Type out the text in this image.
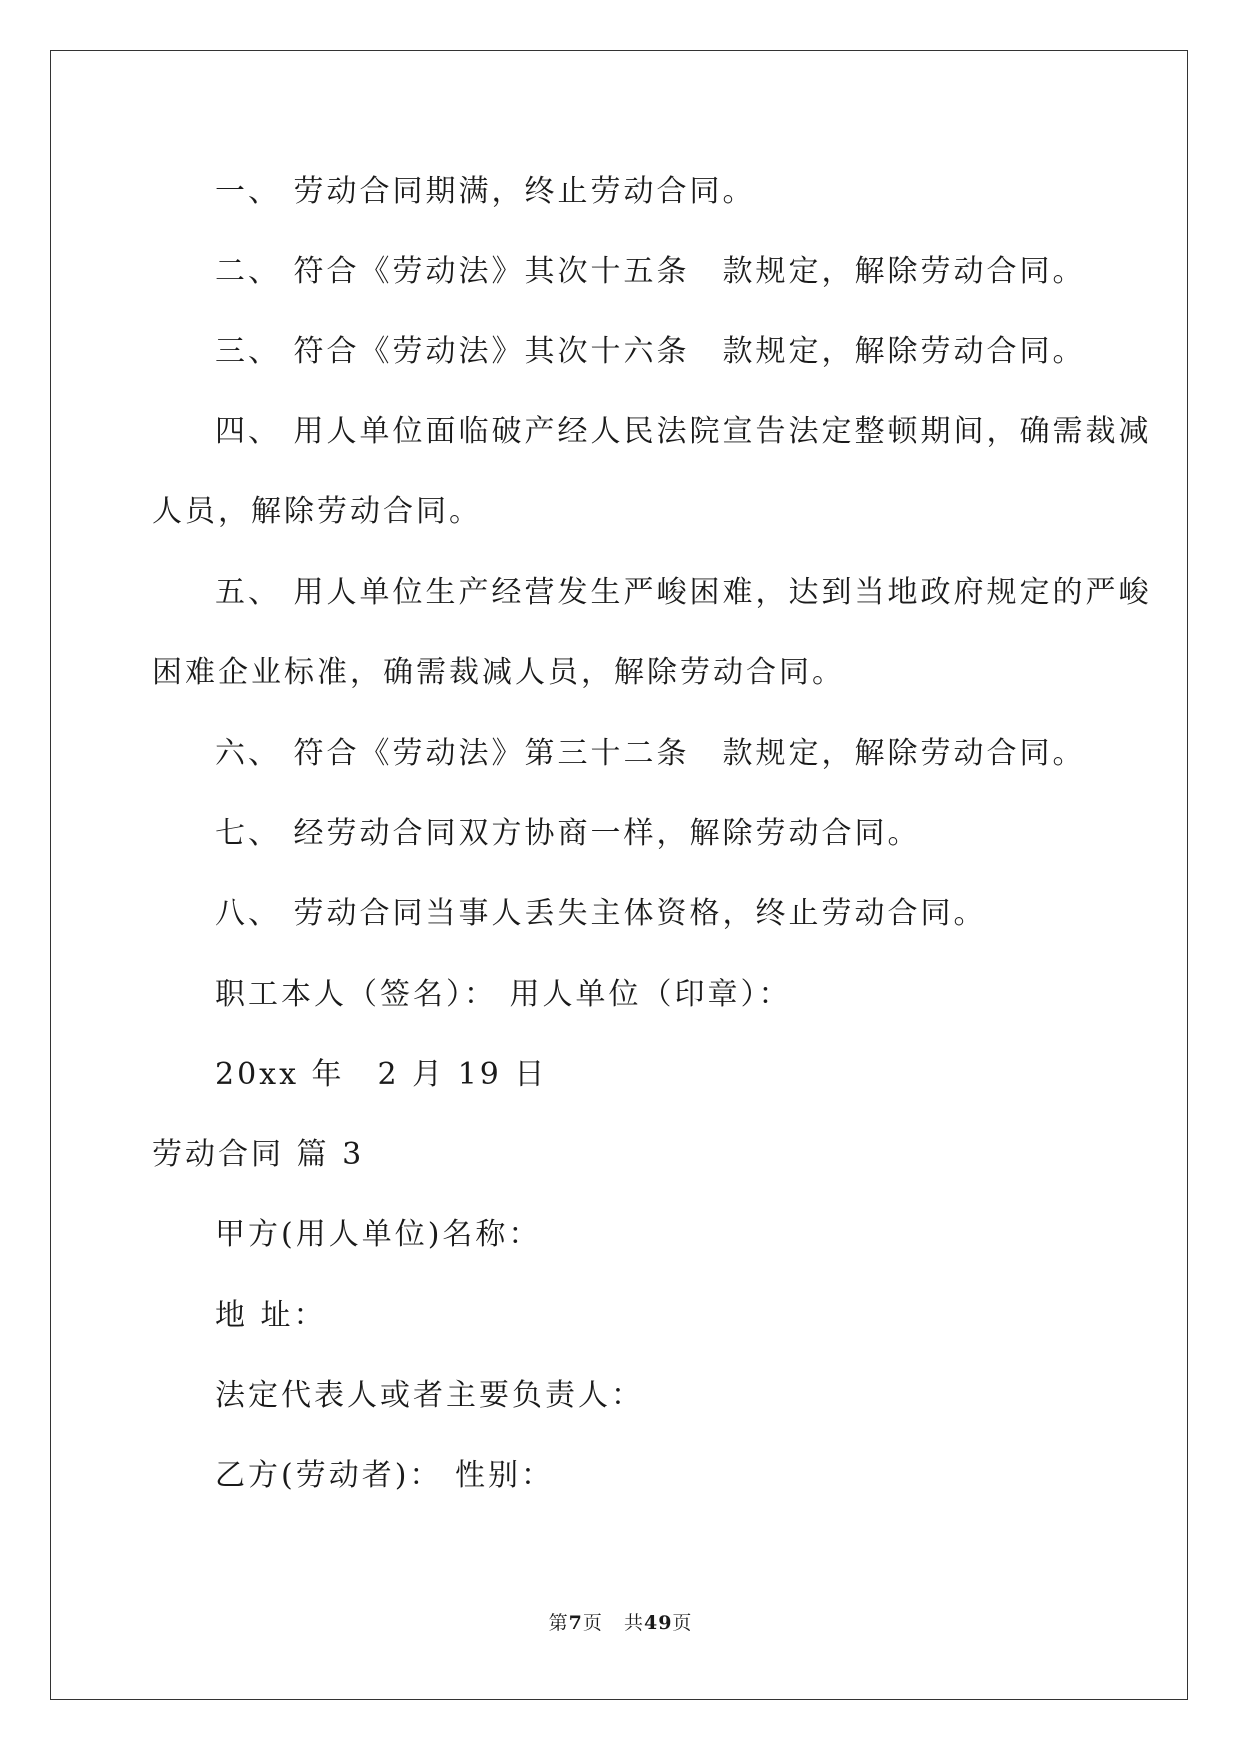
一、 劳动合同期满，终止劳动合同。
二、 符合《劳动法》其次十五条　款规定，解除劳动合同。
三、 符合《劳动法》其次十六条　款规定，解除劳动合同。
四、 用人单位面临破产经人民法院宣告法定整顿期间，确需裁减
人员，解除劳动合同。
五、 用人单位生产经营发生严峻困难，达到当地政府规定的严峻
困难企业标准，确需裁减人员，解除劳动合同。
六、 符合《劳动法》第三十二条　款规定，解除劳动合同。
七、 经劳动合同双方协商一样，解除劳动合同。
八、 劳动合同当事人丢失主体资格，终止劳动合同。
职工本人（签名）： 用人单位（印章）：
20xx 年　2 月 19 日
劳动合同 篇 3
甲方(用人单位)名称：
地 址：
法定代表人或者主要负责人：
乙方(劳动者)： 性别：
第7页 共49页
